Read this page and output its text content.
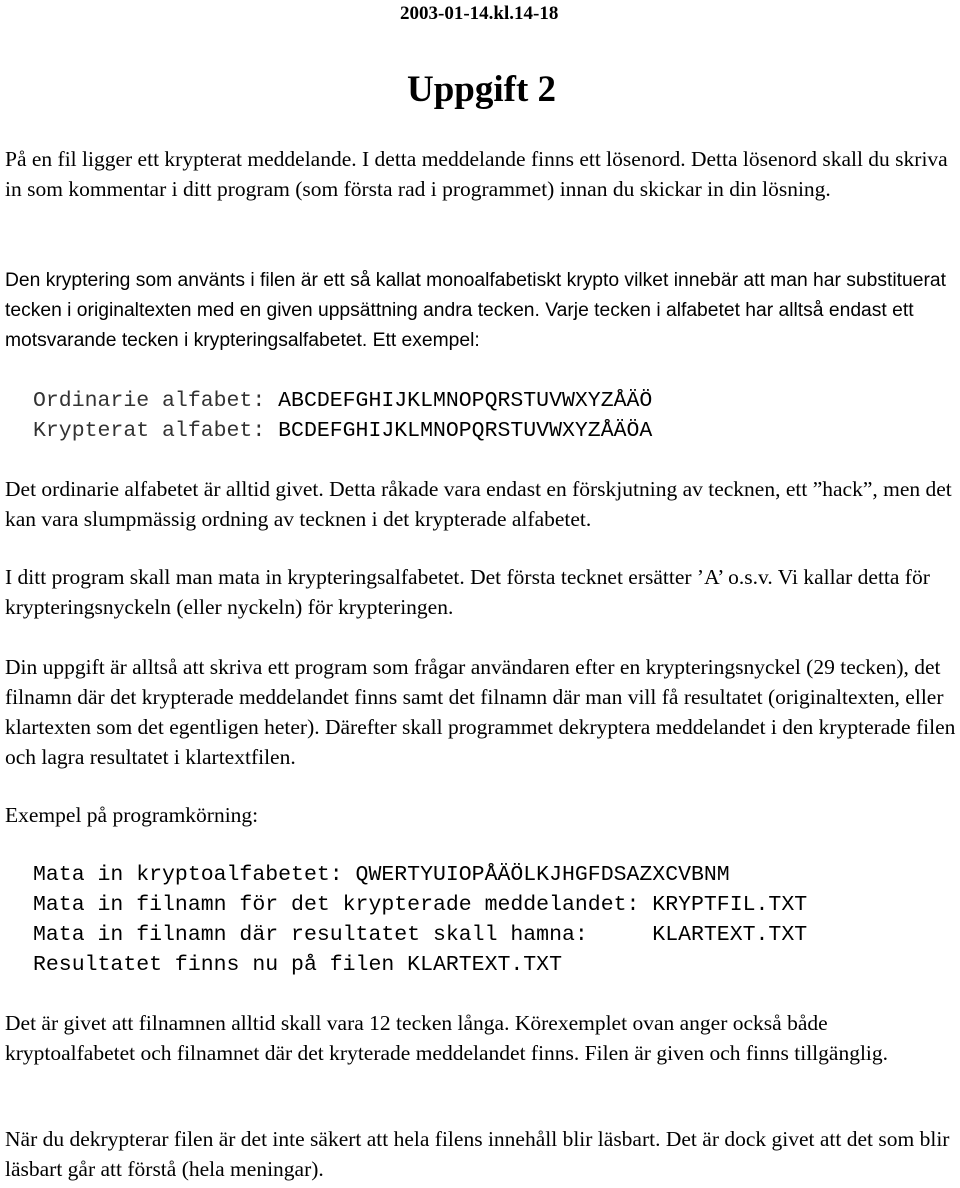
2003-01-14.kl.14-18
Uppgift 2

På en fil ligger ett krypterat meddelande. I detta meddelande finns ett lösenord. Detta lösenord skall du skriva in som kommentar i ditt program (som första rad i programmet) innan du skickar in din lösning.

Den kryptering som använts i filen är ett så kallat monoalfabetiskt krypto vilket innebär att man har substituerat tecken i originaltexten med en given uppsättning andra tecken. Varje tecken i alfabetet har alltså endast ett motsvarande tecken i krypteringsalfabetet. Ett exempel:

Ordinarie alfabet: ABCDEFGHIJKLMNOPQRSTUVWXYZÅÄÖ
Krypterat alfabet: BCDEFGHIJKLMNOPQRSTUVWXYZÅÄÖA

Det ordinarie alfabetet är alltid givet. Detta råkade vara endast en förskjutning av tecknen, ett ”hack”, men det kan vara slumpmässig ordning av tecknen i det krypterade alfabetet.

I ditt program skall man mata in krypteringsalfabetet. Det första tecknet ersätter ’A’ o.s.v. Vi kallar detta för krypteringsnyckeln (eller nyckeln) för krypteringen.

Din uppgift är alltså att skriva ett program som frågar användaren efter en krypteringsnyckel (29 tecken), det filnamn där det krypterade meddelandet finns samt det filnamn där man vill få resultatet (originaltexten, eller klartexten som det egentligen heter). Därefter skall programmet dekryptera meddelandet i den krypterade filen och lagra resultatet i klartextfilen.

Exempel på programkörning:

Mata in kryptoalfabetet: QWERTYUIOPÅÄÖLKJHGFDSAZXCVBNM
Mata in filnamn för det krypterade meddelandet: KRYPTFIL.TXT
Mata in filnamn där resultatet skall hamna:     KLARTEXT.TXT
Resultatet finns nu på filen KLARTEXT.TXT

Det är givet att filnamnen alltid skall vara 12 tecken långa. Körexemplet ovan anger också både kryptoalfabetet och filnamnet där det kryterade meddelandet finns. Filen är given och finns tillgänglig.

När du dekrypterar filen är det inte säkert att hela filens innehåll blir läsbart. Det är dock givet att det som blir läsbart går att förstå (hela meningar).
